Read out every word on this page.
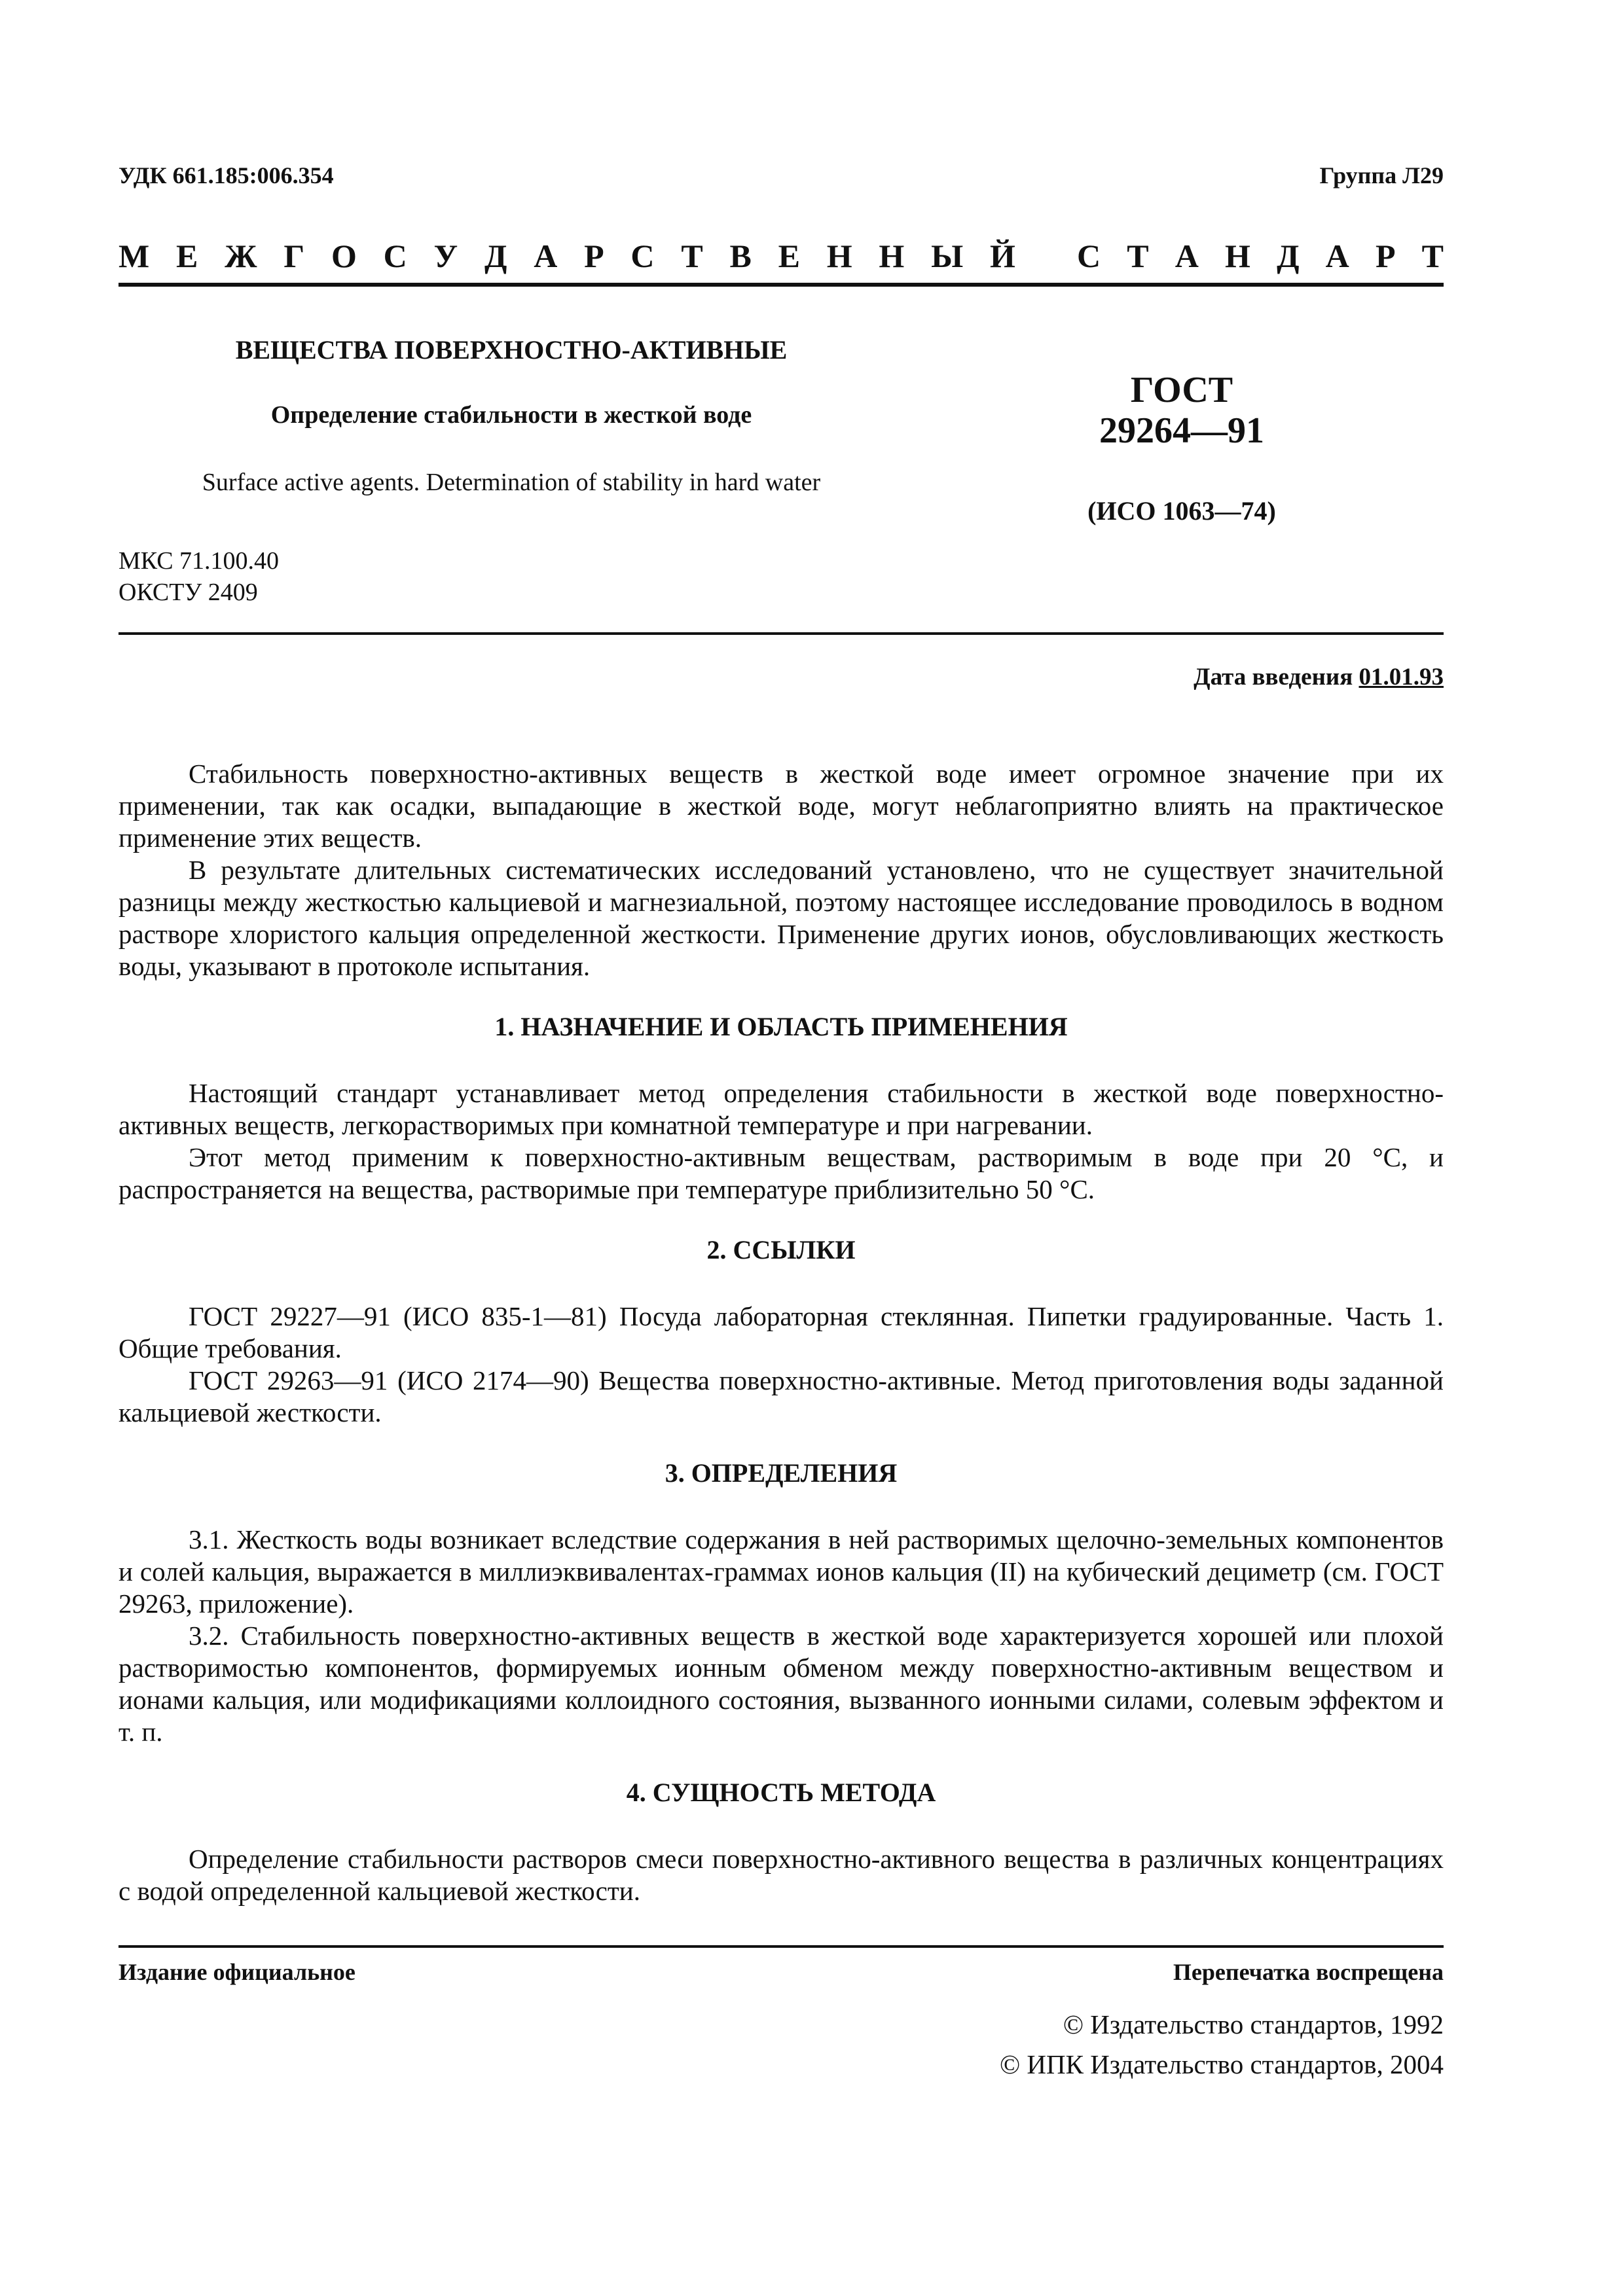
УДК 661.185:006.354	Группа Л29
М Е Ж Г О С У Д А Р С Т В Е Н Н Ы Й С Т А Н Д А Р Т
ВЕЩЕСТВА ПОВЕРХНОСТНО-АКТИВНЫЕ
Определение стабильности в жесткой воде
Surface active agents. Determination of stability in hard water
ГОСТ
29264—91
(ИСО 1063—74)
МКС 71.100.40
ОКСТУ 2409
Дата введения 01.01.93

Стабильность поверхностно-активных веществ в жесткой воде имеет огромное значение при их применении, так как осадки, выпадающие в жесткой воде, могут неблагоприятно влиять на практическое применение этих веществ.

В результате длительных систематических исследований установлено, что не существует значительной разницы между жесткостью кальциевой и магнезиальной, поэтому настоящее исследование проводилось в водном растворе хлористого кальция определенной жесткости. Применение других ионов, обусловливающих жесткость воды, указывают в протоколе испытания.

1. НАЗНАЧЕНИЕ И ОБЛАСТЬ ПРИМЕНЕНИЯ

Настоящий стандарт устанавливает метод определения стабильности в жесткой воде поверхностно-активных веществ, легкорастворимых при комнатной температуре и при нагревании.

Этот метод применим к поверхностно-активным веществам, растворимым в воде при 20 °С, и распространяется на вещества, растворимые при температуре приблизительно 50 °С.

2. ССЫЛКИ

ГОСТ 29227—91 (ИСО 835-1—81) Посуда лабораторная стеклянная. Пипетки градуированные. Часть 1. Общие требования.

ГОСТ 29263—91 (ИСО 2174—90) Вещества поверхностно-активные. Метод приготовления воды заданной кальциевой жесткости.

3. ОПРЕДЕЛЕНИЯ

3.1. Жесткость воды возникает вследствие содержания в ней растворимых щелочно-земельных компонентов и солей кальция, выражается в миллиэквивалентах-граммах ионов кальция (II) на кубический дециметр (см. ГОСТ 29263, приложение).

3.2. Стабильность поверхностно-активных веществ в жесткой воде характеризуется хорошей или плохой растворимостью компонентов, формируемых ионным обменом между поверхностно-активным веществом и ионами кальция, или модификациями коллоидного состояния, вызванного ионными силами, солевым эффектом и т. п.

4. СУЩНОСТЬ МЕТОДА

Определение стабильности растворов смеси поверхностно-активного вещества в различных концентрациях с водой определенной кальциевой жесткости.

Издание официальное	Перепечатка воспрещена
© Издательство стандартов, 1992
© ИПК Издательство стандартов, 2004
